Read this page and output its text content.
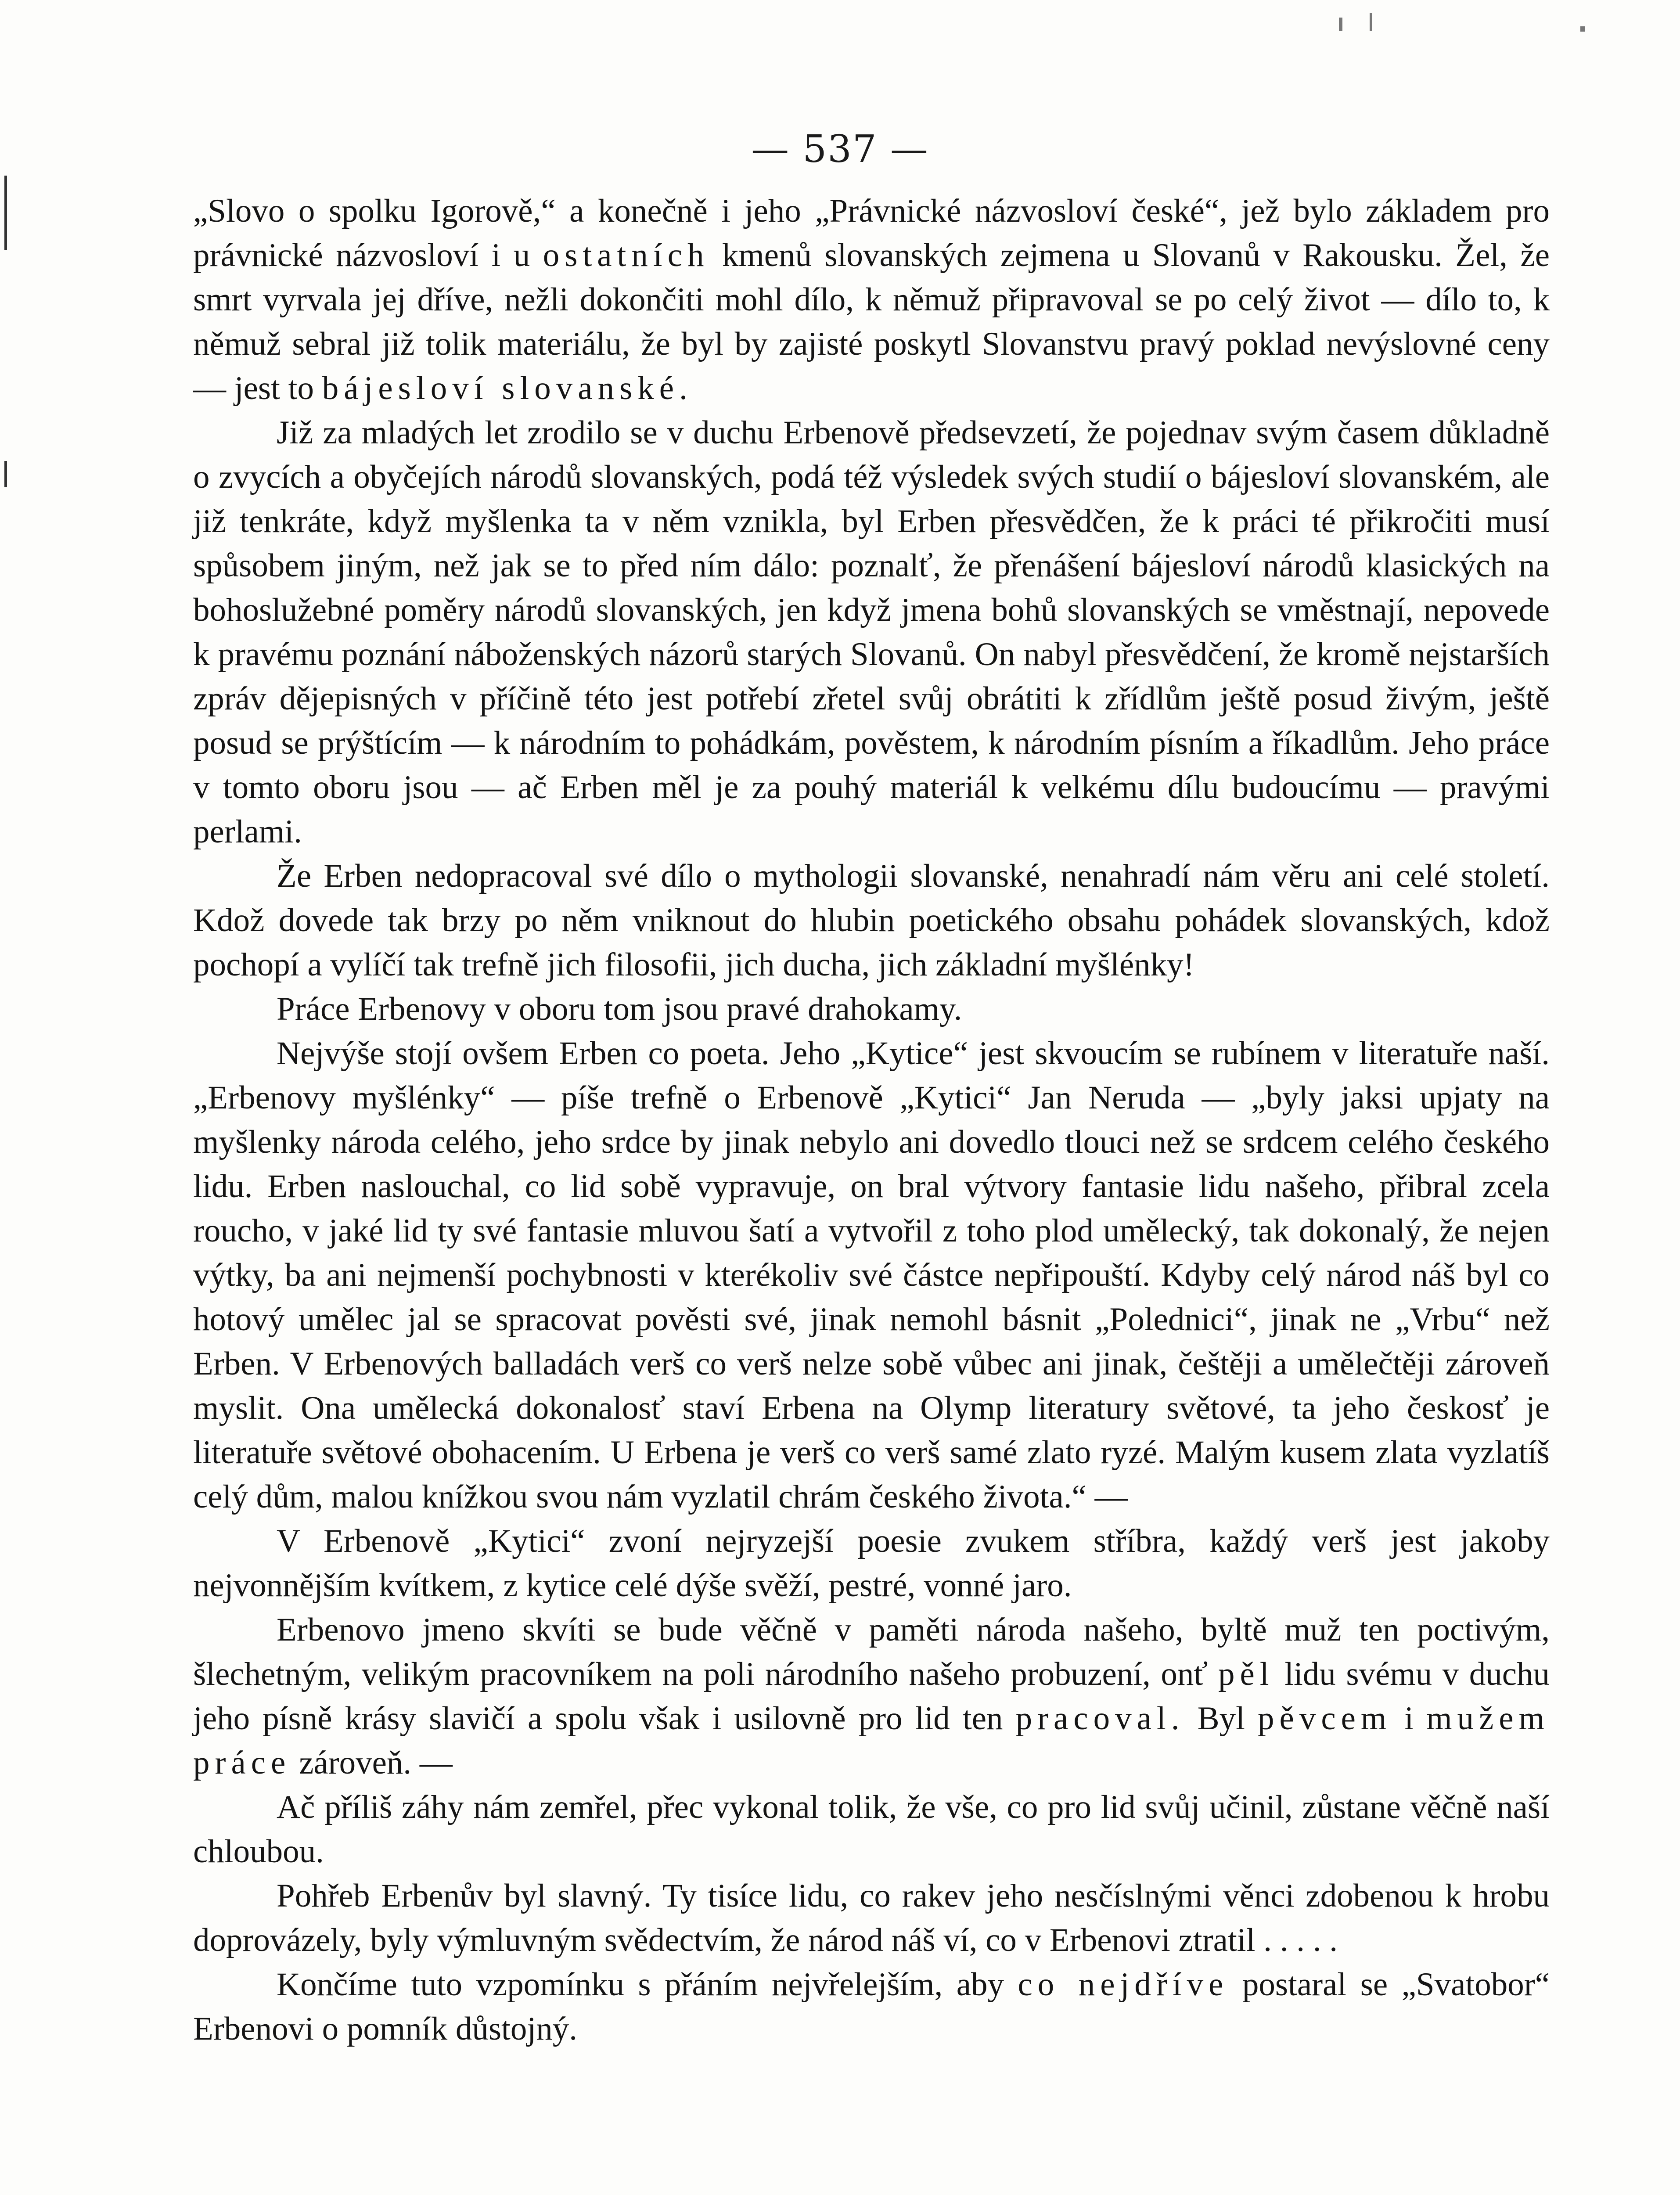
— 537 —

„Slovo o spolku Igorově,“ a konečně i jeho „Právnické názvosloví české“, jež bylo základem pro právnické názvosloví i u ostatních kmenů slovanských zejmena u Slovanů v Rakousku. Žel, že smrt vyrvala jej dříve, nežli dokončiti mohl dílo, k němuž připravoval se po celý život — dílo to, k němuž sebral již tolik materiálu, že byl by zajisté poskytl Slovanstvu pravý poklad nevýslovné ceny — jest to bájesloví slovanské.

Již za mladých let zrodilo se v duchu Erbenově předsevzetí, že pojednav svým časem důkladně o zvycích a obyčejích národů slovanských, podá též výsledek svých studií o bájesloví slovanském, ale již tenkráte, když myšlenka ta v něm vznikla, byl Erben přesvědčen, že k práci té přikročiti musí spůsobem jiným, než jak se to před ním dálo: poznalť, že přenášení bájesloví národů klasických na bohoslužebné poměry národů slovanských, jen když jmena bohů slovanských se vměstnají, nepovede k pravému poznání náboženských názorů starých Slovanů. On nabyl přesvědčení, že kromě nejstarších zpráv dějepisných v příčině této jest potřebí zřetel svůj obrátiti k zřídlům ještě posud živým, ještě posud se prýštícím — k národním to pohádkám, pověstem, k národním písním a říkadlům. Jeho práce v tomto oboru jsou — ač Erben měl je za pouhý materiál k velkému dílu budoucímu — pravými perlami.

Že Erben nedopracoval své dílo o mythologii slovanské, nenahradí nám věru ani celé století. Kdož dovede tak brzy po něm vniknout do hlubin poetického obsahu pohádek slovanských, kdož pochopí a vylíčí tak trefně jich filosofii, jich ducha, jich základní myšlénky!

Práce Erbenovy v oboru tom jsou pravé drahokamy.

Nejvýše stojí ovšem Erben co poeta. Jeho „Kytice“ jest skvoucím se rubínem v literatuře naší. „Erbenovy myšlénky“ — píše trefně o Erbenově „Kytici“ Jan Neruda — „byly jaksi upjaty na myšlenky národa celého, jeho srdce by jinak nebylo ani dovedlo tlouci než se srdcem celého českého lidu. Erben naslouchal, co lid sobě vypravuje, on bral výtvory fantasie lidu našeho, přibral zcela roucho, v jaké lid ty své fantasie mluvou šatí a vytvořil z toho plod umělecký, tak dokonalý, že nejen výtky, ba ani nejmenší pochybnosti v kterékoliv své částce nepřipouští. Kdyby celý národ náš byl co hotový umělec jal se spracovat pověsti své, jinak nemohl básnit „Polednici“, jinak ne „Vrbu“ než Erben. V Erbenových balladách verš co verš nelze sobě vůbec ani jinak, češtěji a umělečtěji zároveň myslit. Ona umělecká dokonalosť staví Erbena na Olymp literatury světové, ta jeho českosť je literatuře světové obohacením. U Erbena je verš co verš samé zlato ryzé. Malým kusem zlata vyzlatíš celý dům, malou knížkou svou nám vyzlatil chrám českého života.“ —

V Erbenově „Kytici“ zvoní nejryzejší poesie zvukem stříbra, každý verš jest jakoby nejvonnějším kvítkem, z kytice celé dýše svěží, pestré, vonné jaro.

Erbenovo jmeno skvíti se bude věčně v paměti národa našeho, byltě muž ten poctivým, šlechetným, velikým pracovníkem na poli národního našeho probuzení, onť pěl lidu svému v duchu jeho písně krásy slavičí a spolu však i usilovně pro lid ten pracoval. Byl pěvcem i mužem práce zároveň. —

Ač příliš záhy nám zemřel, přec vykonal tolik, že vše, co pro lid svůj učinil, zůstane věčně naší chloubou.

Pohřeb Erbenův byl slavný. Ty tisíce lidu, co rakev jeho nesčíslnými věnci zdobenou k hrobu doprovázely, byly výmluvným svědectvím, že národ náš ví, co v Erbenovi ztratil . . . . .

Končíme tuto vzpomínku s přáním nejvřelejším, aby co nejdříve postaral se „Svatobor“ Erbenovi o pomník důstojný.
